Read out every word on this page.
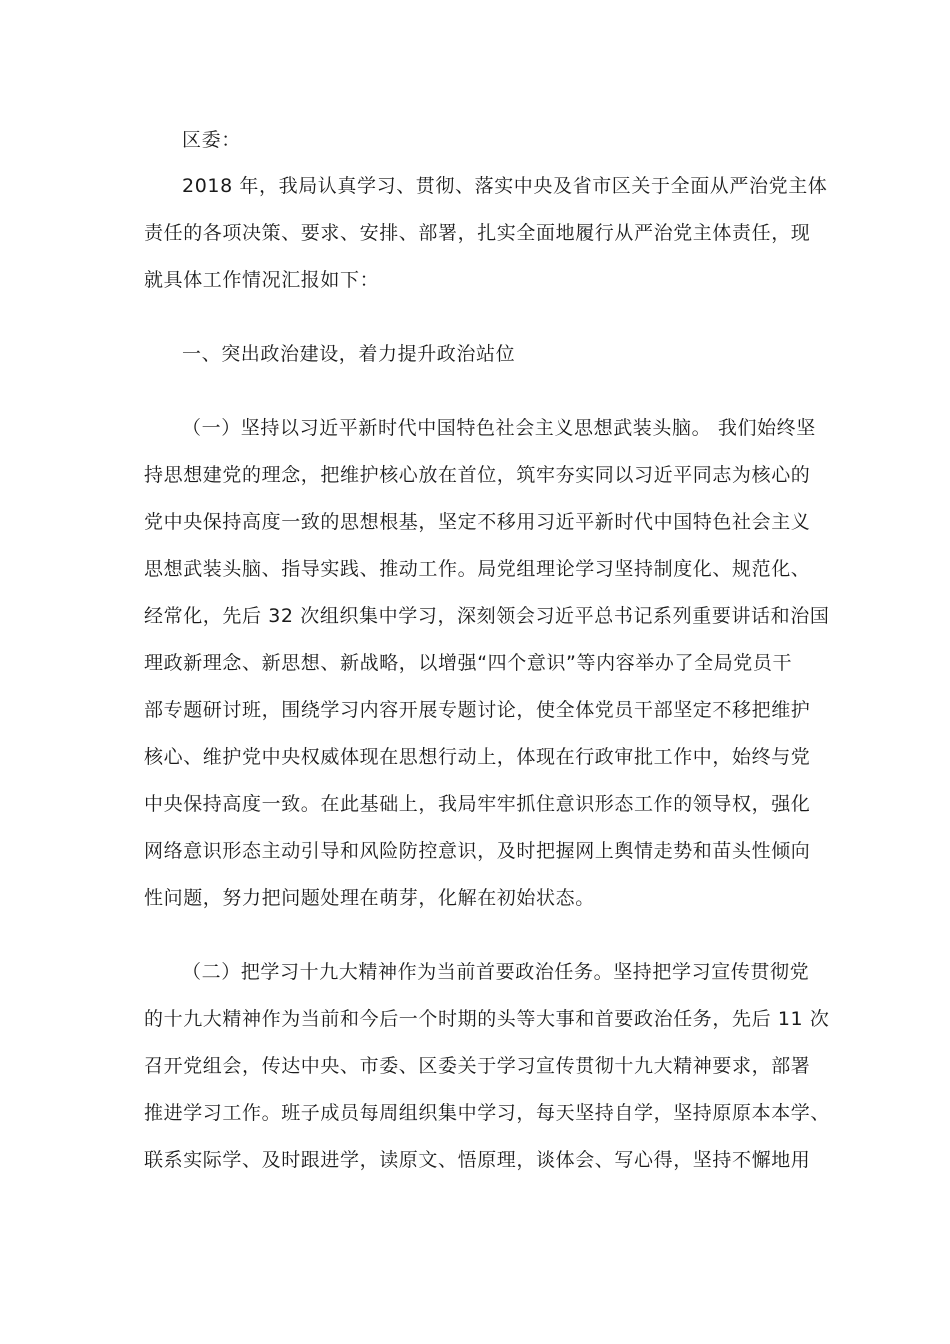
区委：
2018 年，我局认真学习、贯彻、落实中央及省市区关于全面从严治党主体
责任的各项决策、要求、安排、部署，扎实全面地履行从严治党主体责任，现
就具体工作情况汇报如下：
一、突出政治建设，着力提升政治站位
（一）坚持以习近平新时代中国特色社会主义思想武装头脑。 我们始终坚
持思想建党的理念，把维护核心放在首位，筑牢夯实同以习近平同志为核心的
党中央保持高度一致的思想根基，坚定不移用习近平新时代中国特色社会主义
思想武装头脑、指导实践、推动工作。局党组理论学习坚持制度化、规范化、
经常化，先后 32 次组织集中学习，深刻领会习近平总书记系列重要讲话和治国
理政新理念、新思想、新战略，以增强“四个意识”等内容举办了全局党员干
部专题研讨班，围绕学习内容开展专题讨论，使全体党员干部坚定不移把维护
核心、维护党中央权威体现在思想行动上，体现在行政审批工作中，始终与党
中央保持高度一致。在此基础上，我局牢牢抓住意识形态工作的领导权，强化
网络意识形态主动引导和风险防控意识，及时把握网上舆情走势和苗头性倾向
性问题，努力把问题处理在萌芽，化解在初始状态。
（二）把学习十九大精神作为当前首要政治任务。坚持把学习宣传贯彻党
的十九大精神作为当前和今后一个时期的头等大事和首要政治任务，先后 11 次
召开党组会，传达中央、市委、区委关于学习宣传贯彻十九大精神要求，部署
推进学习工作。班子成员每周组织集中学习，每天坚持自学，坚持原原本本学、
联系实际学、及时跟进学，读原文、悟原理，谈体会、写心得，坚持不懈地用
